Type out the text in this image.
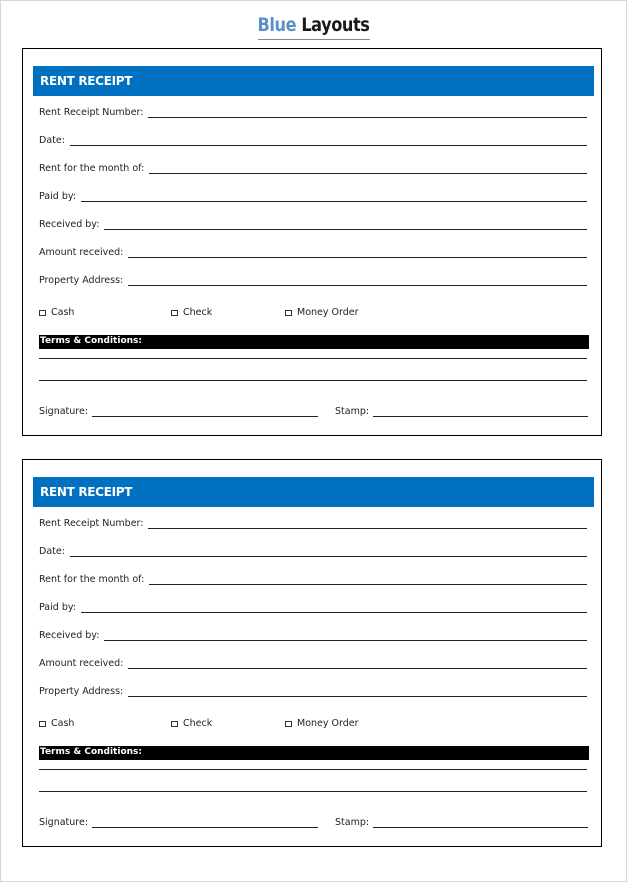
Blue Layouts
RENT RECEIPT
Rent Receipt Number:
Date:
Rent for the month of:
Paid by:
Received by:
Amount received:
Property Address:
Cash	Check	Money Order
Terms & Conditions:
Signature:	Stamp:
RENT RECEIPT
Rent Receipt Number:
Date:
Rent for the month of:
Paid by:
Received by:
Amount received:
Property Address:
Cash	Check	Money Order
Terms & Conditions:
Signature:	Stamp:
